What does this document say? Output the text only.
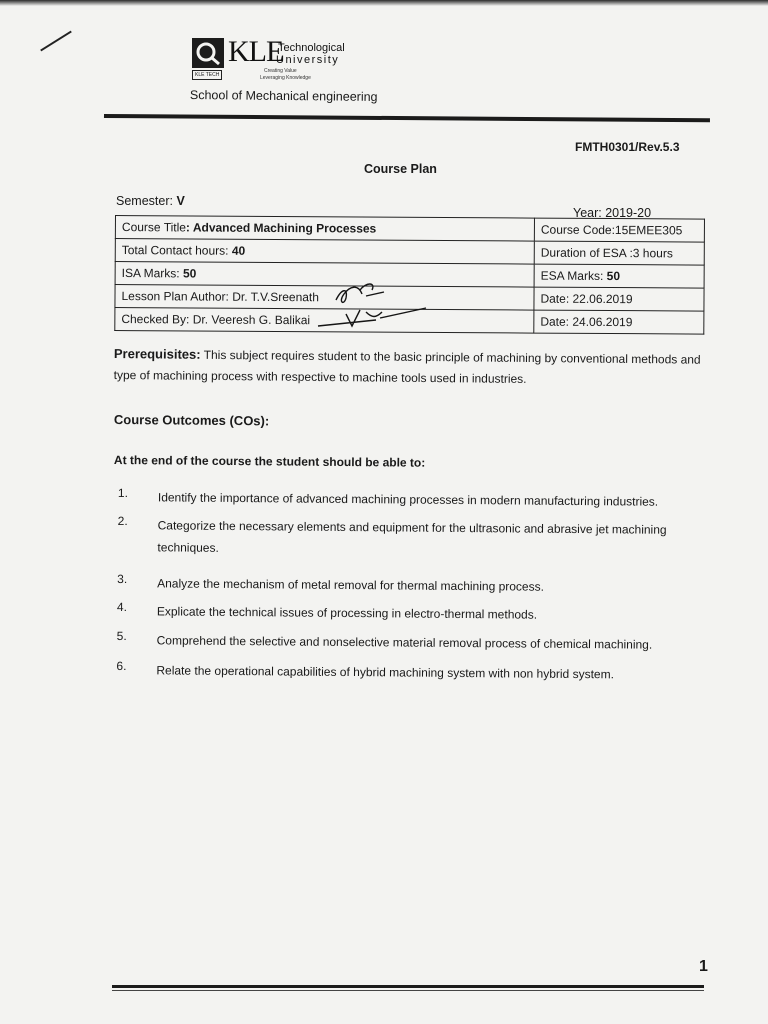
KLE
Technological
University
KLE TECH
Creating Value
Leveraging Knowledge
School of Mechanical engineering
FMTH0301/Rev.5.3
Course Plan
Semester: V
Year: 2019-20
Course Title: Advanced Machining Processes	Course Code:15EMEE305
Total Contact hours: 40	Duration of ESA :3 hours
ISA Marks: 50	ESA Marks: 50
Lesson Plan Author: Dr. T.V.Sreenath	Date: 22.06.2019
Checked By: Dr. Veeresh G. Balikai	Date: 24.06.2019
Prerequisites: This subject requires student to the basic principle of machining by conventional methods and type of machining process with respective to machine tools used in industries.
Course Outcomes (COs):
At the end of the course the student should be able to:
1. Identify the importance of advanced machining processes in modern manufacturing industries.
2. Categorize the necessary elements and equipment for the ultrasonic and abrasive jet machining techniques.
3. Analyze the mechanism of metal removal for thermal machining process.
4. Explicate the technical issues of processing in electro-thermal methods.
5. Comprehend the selective and nonselective material removal process of chemical machining.
6. Relate the operational capabilities of hybrid machining system with non hybrid system.
1
